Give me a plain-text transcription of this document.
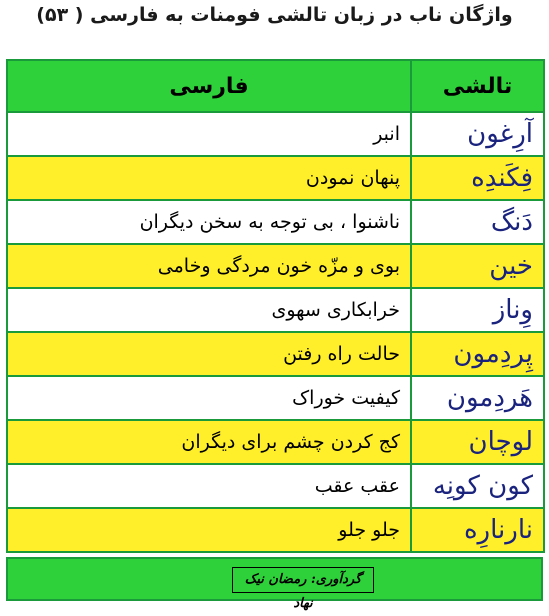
واژگان ناب در زبان تالشی فومنات به فارسی ( ۵۳)
تالشی	فارسی
آرِغون	انبر
فِکَندِه	پنهان نمودن
دَنگ	ناشنوا ، بی توجه به سخن دیگران
خین	بوی و مزّه خون مردگی وخامی
وِناز	خرابکاری سهوی
پِردِمون	حالت راه رفتن
هَردِمون	کیفیت خوراک
لوچان	کج کردن چشم برای دیگران
کون کونِه	عقب عقب
نارنارِه	جلو جلو
گردآوری: رمضان نیک نهاد
